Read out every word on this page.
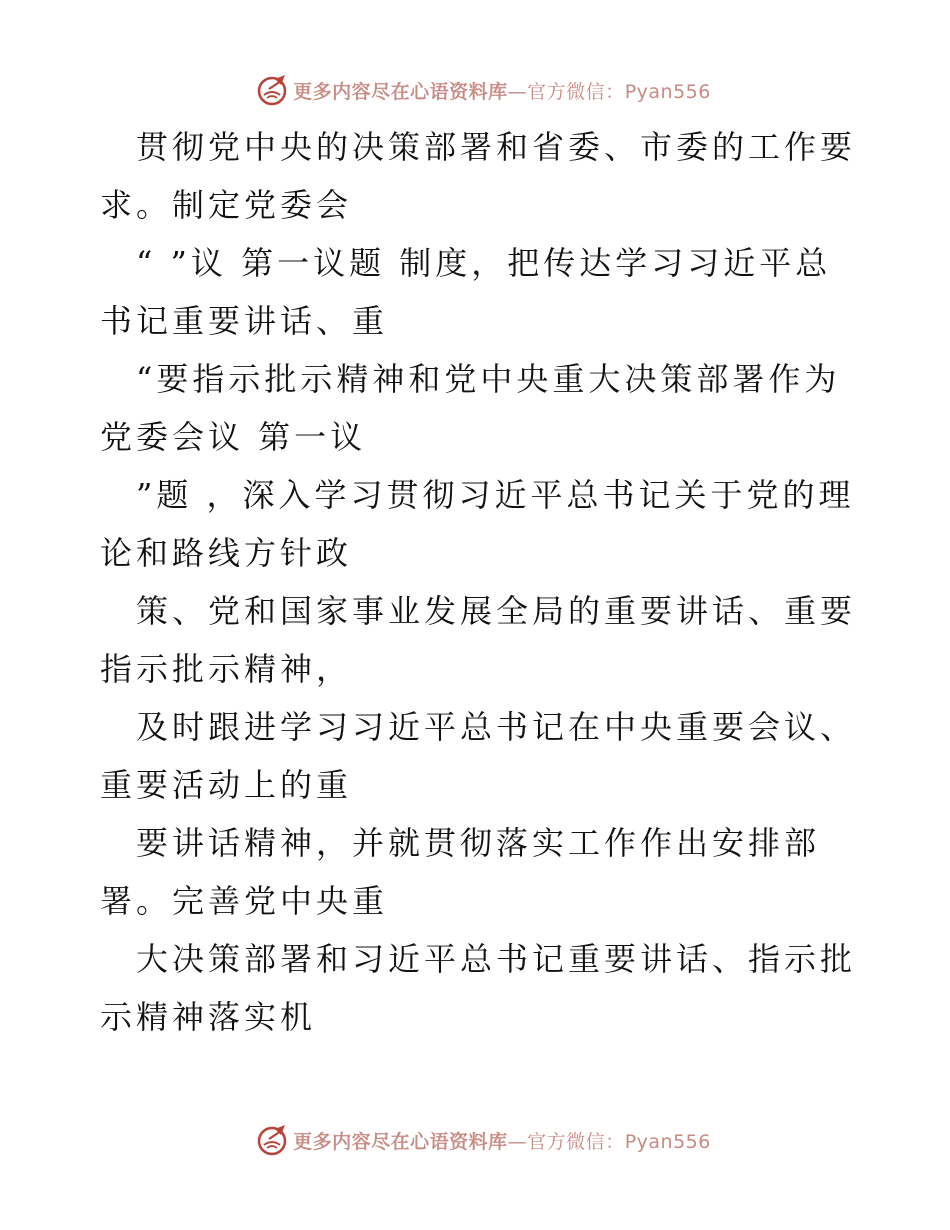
更多内容尽在心语资料库—官方微信：Pyan556

贯彻党中央的决策部署和省委、市委的工作要求。制定党委会

“ ”议 第一议题 制度，把传达学习习近平总书记重要讲话、重

“要指示批示精神和党中央重大决策部署作为党委会议 第一议

”题 ，深入学习贯彻习近平总书记关于党的理论和路线方针政

策、党和国家事业发展全局的重要讲话、重要指示批示精神，

及时跟进学习习近平总书记在中央重要会议、重要活动上的重

要讲话精神，并就贯彻落实工作作出安排部署。完善党中央重

大决策部署和习近平总书记重要讲话、指示批示精神落实机

更多内容尽在心语资料库—官方微信：Pyan556
